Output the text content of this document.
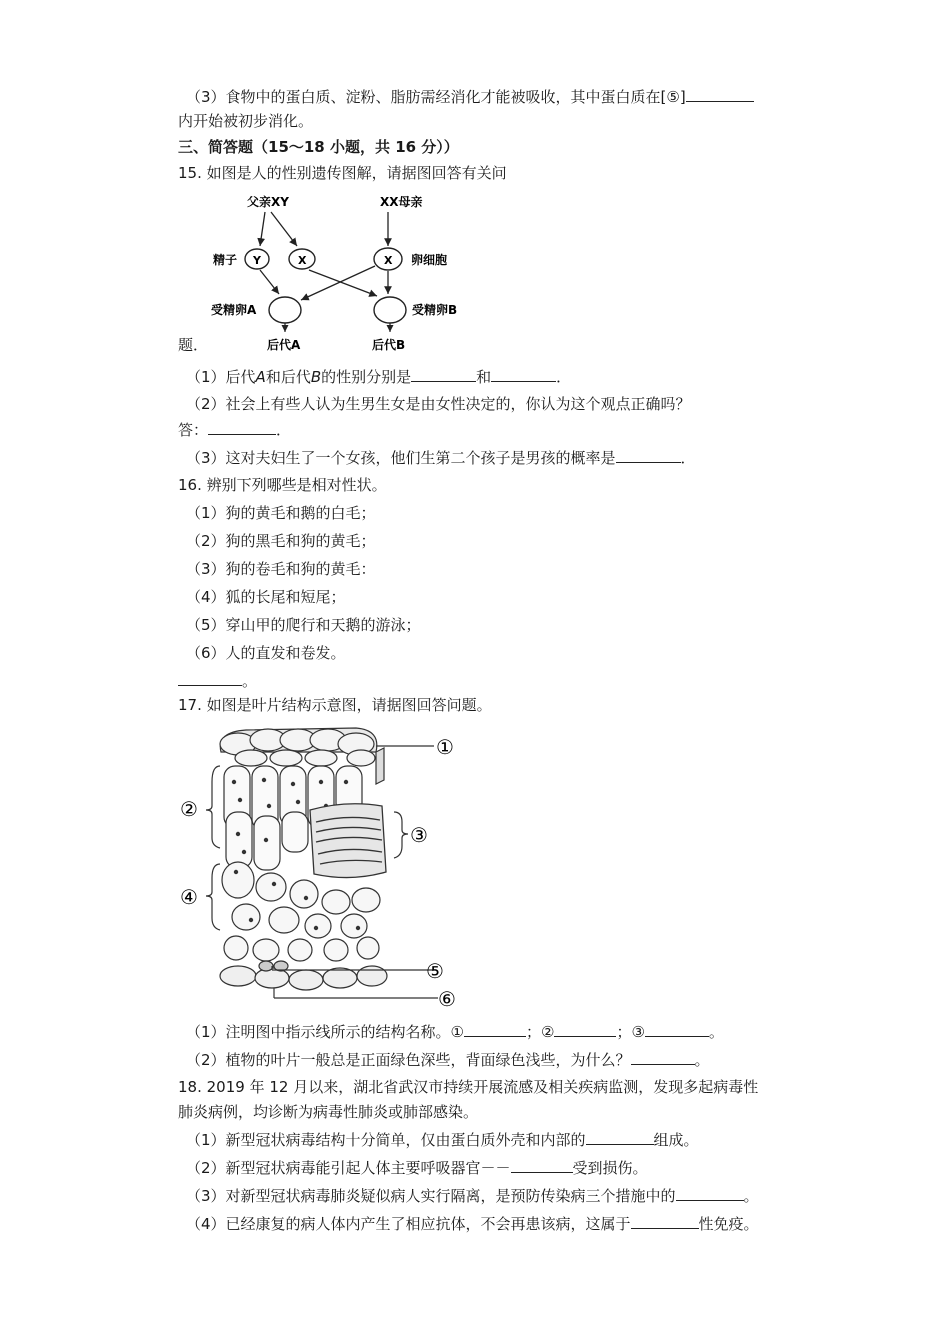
（3）食物中的蛋白质、淀粉、脂肪需经消化才能被吸收，其中蛋白质在[⑤]
内开始被初步消化。
三、简答题（15～18 小题，共 16 分））
15. 如图是人的性别遗传图解，请据图回答有关问
父亲XY	XX母亲
精子 Y	X	X 卵细胞
受精卵A	受精卵B
后代A	后代B
题．
（1）后代A和后代B的性别分别是	和	．
（2）社会上有些人认为生男生女是由女性决定的，你认为这个观点正确吗？
答：	．
（3）这对夫妇生了一个女孩，他们生第二个孩子是男孩的概率是	．
16. 辨别下列哪些是相对性状。
（1）狗的黄毛和鹅的白毛；
（2）狗的黑毛和狗的黄毛；
（3）狗的卷毛和狗的黄毛：
（4）狐的长尾和短尾；
（5）穿山甲的爬行和天鹅的游泳；
（6）人的直发和卷发。
。
17. 如图是叶片结构示意图，请据图回答问题。
①
②
③
④
⑤
⑥
（1）注明图中指示线所示的结构名称。①	；②	；③	。
（2）植物的叶片一般总是正面绿色深些，背面绿色浅些，为什么？	。
18. 2019 年 12 月以来，湖北省武汉市持续开展流感及相关疾病监测，发现多起病毒性
肺炎病例，均诊断为病毒性肺炎或肺部感染。
（1）新型冠状病毒结构十分简单，仅由蛋白质外壳和内部的	组成。
（2）新型冠状病毒能引起人体主要呼吸器官－－	受到损伤。
（3）对新型冠状病毒肺炎疑似病人实行隔离，是预防传染病三个措施中的	。
（4）已经康复的病人体内产生了相应抗体，不会再患该病，这属于	性免疫。
